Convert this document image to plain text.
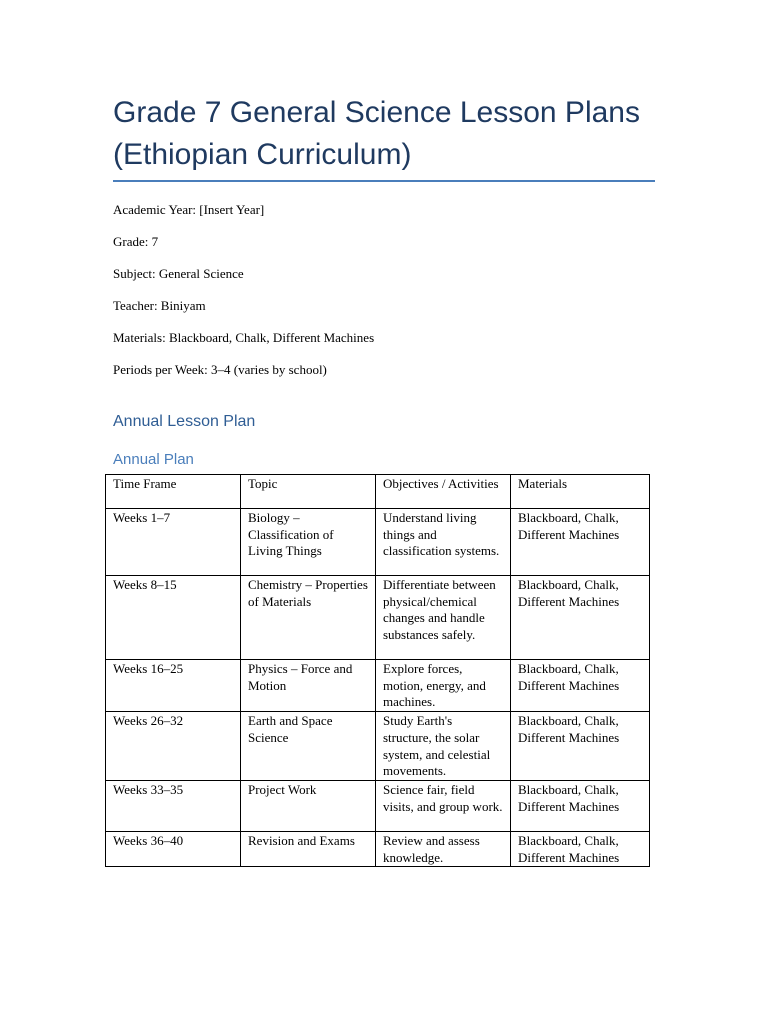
Grade 7 General Science Lesson Plans
(Ethiopian Curriculum)
Academic Year: [Insert Year]
Grade: 7
Subject: General Science
Teacher: Biniyam
Materials: Blackboard, Chalk, Different Machines
Periods per Week: 3–4 (varies by school)
Annual Lesson Plan
Annual Plan
Time Frame	Topic	Objectives / Activities	Materials
Weeks 1–7	Biology – Classification of Living Things	Understand living things and classification systems.	Blackboard, Chalk, Different Machines
Weeks 8–15	Chemistry – Properties of Materials	Differentiate between physical/chemical changes and handle substances safely.	Blackboard, Chalk, Different Machines
Weeks 16–25	Physics – Force and Motion	Explore forces, motion, energy, and machines.	Blackboard, Chalk, Different Machines
Weeks 26–32	Earth and Space Science	Study Earth's structure, the solar system, and celestial movements.	Blackboard, Chalk, Different Machines
Weeks 33–35	Project Work	Science fair, field visits, and group work.	Blackboard, Chalk, Different Machines
Weeks 36–40	Revision and Exams	Review and assess knowledge.	Blackboard, Chalk, Different Machines
